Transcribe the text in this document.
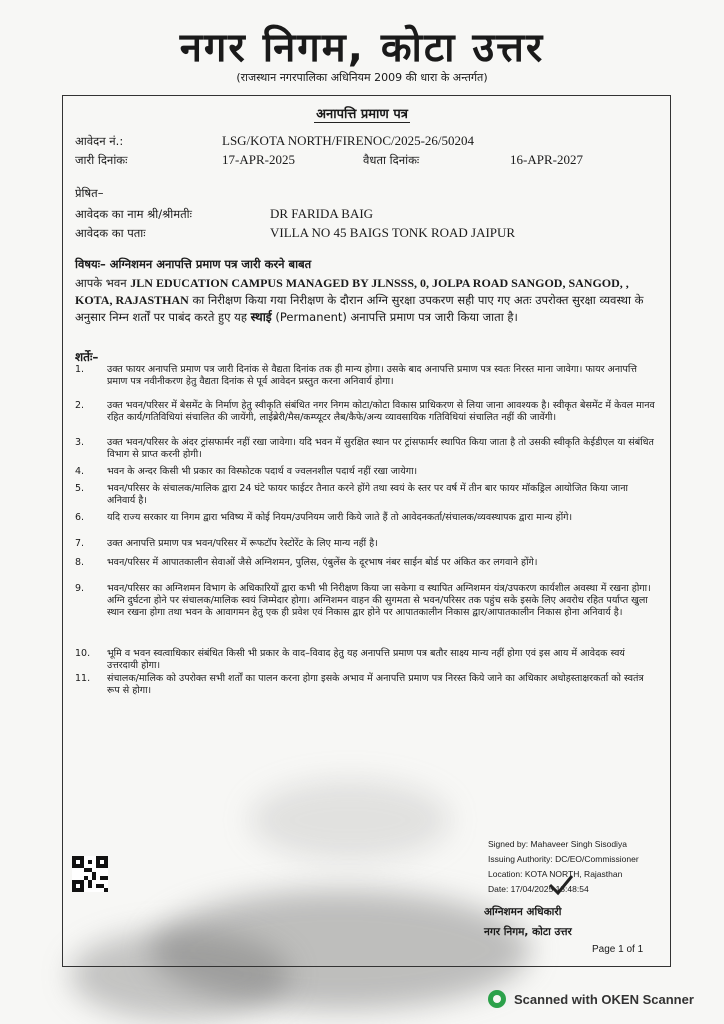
नगर निगम, कोटा उत्तर
(राजस्थान नगरपालिका अधिनियम 2009 की धारा के अन्तर्गत)
अनापत्ति प्रमाण पत्र
आवेदन नं.:	LSG/KOTA NORTH/FIRENOC/2025-26/50204
जारी दिनांकः	17-APR-2025	वैधता दिनांकः	16-APR-2027
प्रेषित–
आवेदक का नाम श्री/श्रीमतीः	DR FARIDA BAIG
आवेदक का पताः	VILLA NO 45 BAIGS TONK ROAD JAIPUR
विषयः– अग्निशमन अनापत्ति प्रमाण पत्र जारी करने बाबत
आपके भवन JLN EDUCATION CAMPUS MANAGED BY JLNSSS, 0, JOLPA ROAD SANGOD, SANGOD, , KOTA, RAJASTHAN का निरीक्षण किया गया निरीक्षण के दौरान अग्नि सुरक्षा उपकरण सही पाए गए अतः उपरोक्त सुरक्षा व्यवस्था के अनुसार निम्न शर्तों पर पाबंद करते हुए यह स्थाई (Permanent) अनापत्ति प्रमाण पत्र जारी किया जाता है।
शर्तेः–
1.	उक्त फायर अनापत्ति प्रमाण पत्र जारी दिनांक से वैद्यता दिनांक तक ही मान्य होगा। उसके बाद अनापत्ति प्रमाण पत्र स्वतः निरस्त माना जावेगा। फायर अनापत्ति प्रमाण पत्र नवीनीकरण हेतु वैद्यता दिनांक से पूर्व आवेदन प्रस्तुत करना अनिवार्य होगा।
2.	उक्त भवन/परिसर में बेसमेंट के निर्माण हेतु स्वीकृति संबंधित नगर निगम कोटा/कोटा विकास प्राधिकरण से लिया जाना आवश्यक है। स्वीकृत बेसमेंट में केवल मानव रहित कार्य/गतिविधियां संचालित की जायेंगी, लाईब्रेरी/मैस/कम्प्यूटर लैब/कैफे/अन्य व्यावसायिक गतिविधियां संचालित नहीं की जावेंगी।
3.	उक्त भवन/परिसर के अंदर ट्रांसफार्मर नहीं रखा जावेगा। यदि भवन में सुरक्षित स्थान पर ट्रांसफार्मर स्थापित किया जाता है तो उसकी स्वीकृति केईडीएल या संबंधित विभाग से प्राप्त करनी होगी।
4.	भवन के अन्दर किसी भी प्रकार का विस्फोटक पदार्थ व ज्वलनशील पदार्थ नहीं रखा जायेगा।
5.	भवन/परिसर के संचालक/मालिक द्वारा 24 घंटे फायर फाईटर तैनात करने होंगे तथा स्वयं के स्तर पर वर्ष में तीन बार फायर मॉकड्रिल आयोजित किया जाना अनिवार्य है।
6.	यदि राज्य सरकार या निगम द्वारा भविष्य में कोई नियम/उपनियम जारी किये जाते हैं तो आवेदनकर्ता/संचालक/व्यवस्थापक द्वारा मान्य होंगे।
7.	उक्त अनापत्ति प्रमाण पत्र भवन/परिसर में रूफटॉप रेस्टोरेंट के लिए मान्य नहीं है।
8.	भवन/परिसर में आपातकालीन सेवाओं जैसे अग्निशमन, पुलिस, एंबुलेंस के दूरभाष नंबर साईन बोर्ड पर अंकित कर लगवाने होंगे।
9.	भवन/परिसर का अग्निशमन विभाग के अधिकारियों द्वारा कभी भी निरीक्षण किया जा सकेगा व स्थापित अग्निशमन यंत्र/उपकरण कार्यशील अवस्था में रखना होगा। अग्नि दुर्घटना होने पर संचालक/मालिक स्वयं जिम्मेदार होगा। अग्निशमन वाहन की सुगमता से भवन/परिसर तक पहुंच सके इसके लिए अवरोध रहित पर्याप्त खुला स्थान रखना होगा तथा भवन के आवागमन हेतु एक ही प्रवेश एवं निकास द्वार होने पर आपातकालीन निकास द्वार/आपातकालीन निकास होना अनिवार्य है।
10.	भूमि व भवन स्वत्वाधिकार संबंधित किसी भी प्रकार के वाद–विवाद हेतु यह अनापत्ति प्रमाण पत्र बतौर साक्ष्य मान्य नहीं होगा एवं इस आय में आवेदक स्वयं उत्तरदायी होगा।
11.	संचालक/मालिक को उपरोक्त सभी शर्तों का पालन करना होगा इसके अभाव में अनापत्ति प्रमाण पत्र निरस्त किये जाने का अधिकार अधोहस्ताक्षरकर्ता को स्वतंत्र रूप से होगा।
Signed by: Mahaveer Singh Sisodiya
Issuing Authority: DC/EO/Commissioner
Location: KOTA NORTH, Rajasthan
Date: 17/04/2025 18:48:54
अग्निशमन अधिकारी
नगर निगम, कोटा उत्तर
Page 1 of 1
Scanned with OKEN Scanner
